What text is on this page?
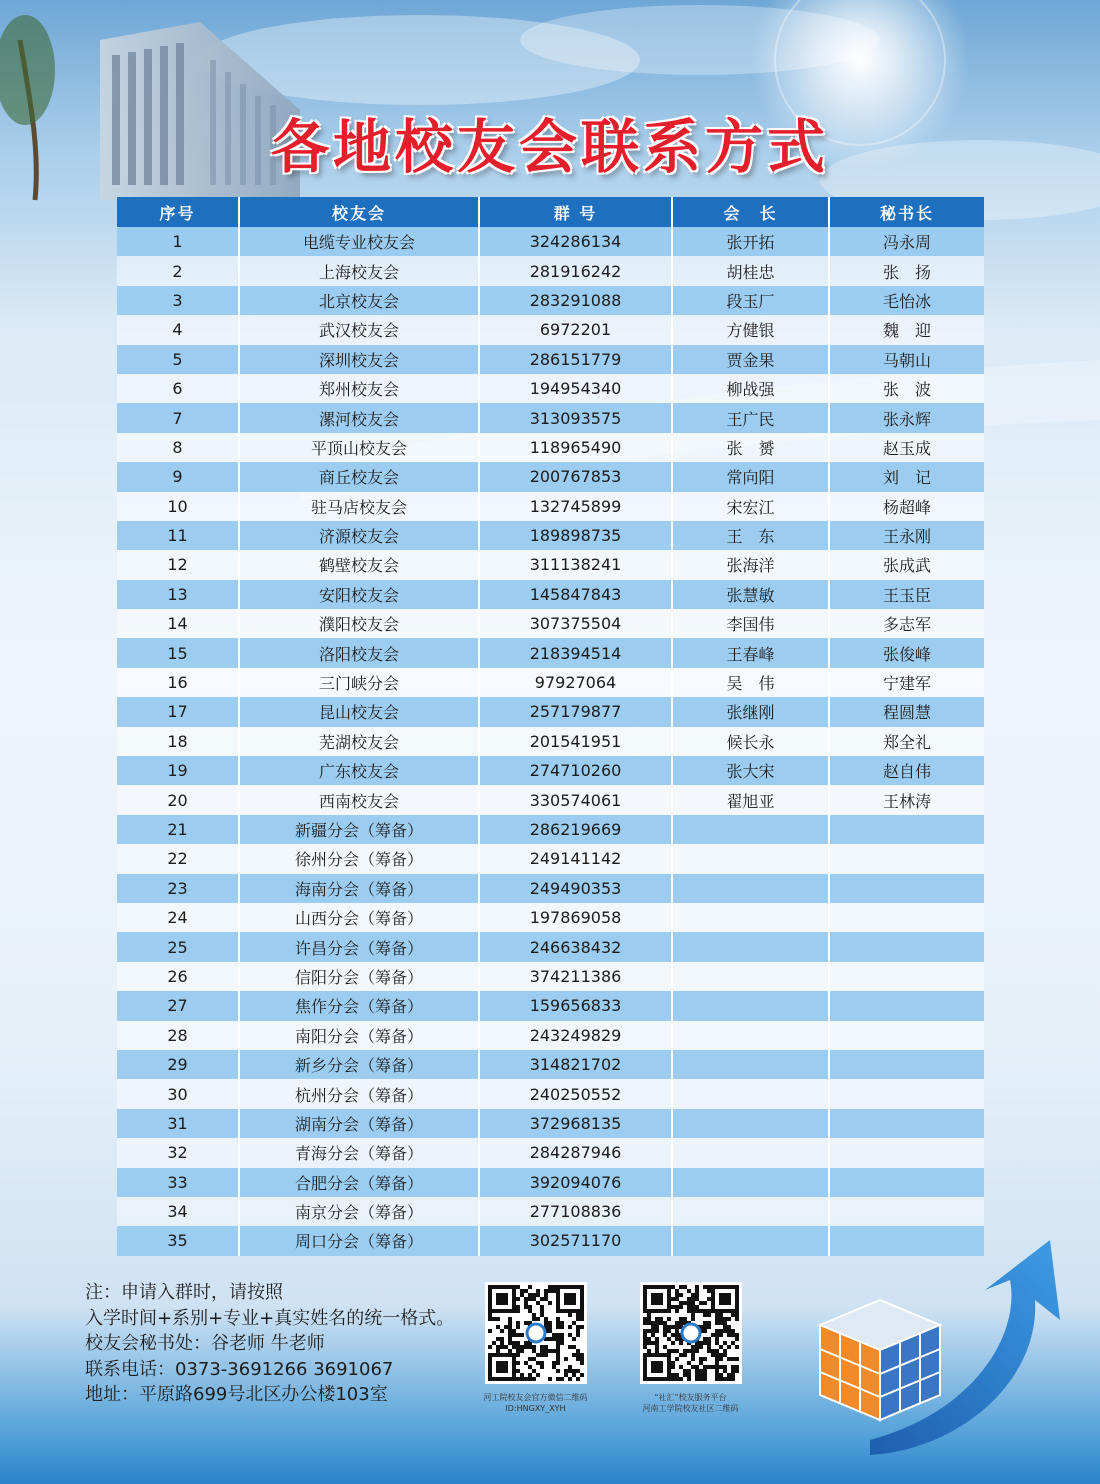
各地校友会联系方式
序号	校友会	群 号	会　长	秘书长
1	电缆专业校友会	324286134	张开拓	冯永周
2	上海校友会	281916242	胡桂忠	张　扬
3	北京校友会	283291088	段玉厂	毛怡冰
4	武汉校友会	6972201	方健银	魏　迎
5	深圳校友会	286151779	贾金果	马朝山
6	郑州校友会	194954340	柳战强	张　波
7	漯河校友会	313093575	王广民	张永辉
8	平顶山校友会	118965490	张　赟	赵玉成
9	商丘校友会	200767853	常向阳	刘　记
10	驻马店校友会	132745899	宋宏江	杨超峰
11	济源校友会	189898735	王　东	王永刚
12	鹤壁校友会	311138241	张海洋	张成武
13	安阳校友会	145847843	张慧敏	王玉臣
14	濮阳校友会	307375504	李国伟	多志军
15	洛阳校友会	218394514	王春峰	张俊峰
16	三门峡分会	97927064	吴　伟	宁建军
17	昆山校友会	257179877	张继刚	程圆慧
18	芜湖校友会	201541951	候长永	郑全礼
19	广东校友会	274710260	张大宋	赵自伟
20	西南校友会	330574061	翟旭亚	王林涛
21	新疆分会（筹备）	286219669		
22	徐州分会（筹备）	249141142		
23	海南分会（筹备）	249490353		
24	山西分会（筹备）	197869058		
25	许昌分会（筹备）	246638432		
26	信阳分会（筹备）	374211386		
27	焦作分会（筹备）	159656833		
28	南阳分会（筹备）	243249829		
29	新乡分会（筹备）	314821702		
30	杭州分会（筹备）	240250552		
31	湖南分会（筹备）	372968135		
32	青海分会（筹备）	284287946		
33	合肥分会（筹备）	392094076		
34	南京分会（筹备）	277108836		
35	周口分会（筹备）	302571170		
注：申请入群时，请按照
入学时间+系别+专业+真实姓名的统一格式。
校友会秘书处：谷老师 牛老师
联系电话：0373-3691266 3691067
地址：平原路699号北区办公楼103室	河工院校友会官方微信二维码
ID:HNGXY_XYH
“社汇”校友服务平台
河南工学院校友社区二维码
